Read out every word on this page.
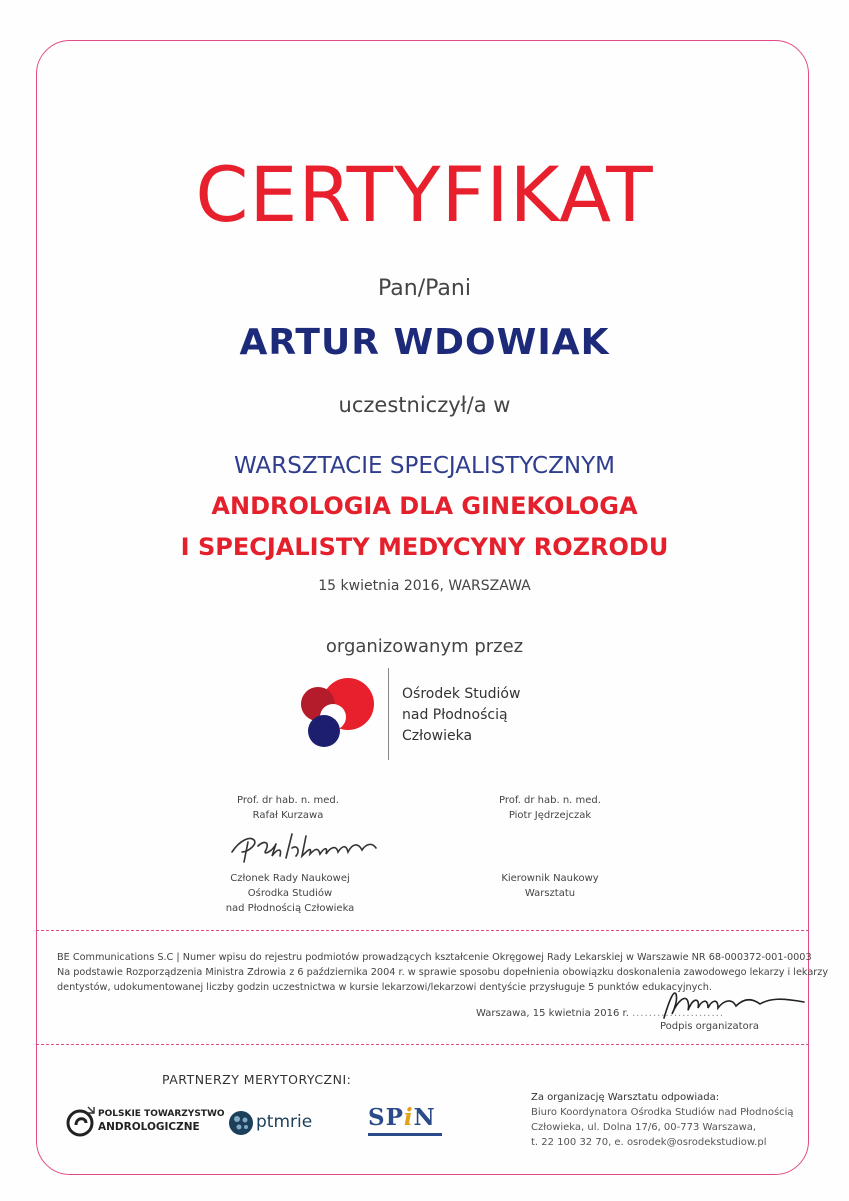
CERTYFIKAT
Pan/Pani
ARTUR WDOWIAK
uczestniczył/a w
WARSZTACIE SPECJALISTYCZNYM
ANDROLOGIA DLA GINEKOLOGA
I SPECJALISTY MEDYCYNY ROZRODU
15 kwietnia 2016, WARSZAWA
organizowanym przez
Ośrodek Studiów
nad Płodnością
Człowieka
Prof. dr hab. n. med.
Rafał Kurzawa
Członek Rady Naukowej
Ośrodka Studiów
nad Płodnością Człowieka
Prof. dr hab. n. med.
Piotr Jędrzejczak
Kierownik Naukowy
Warsztatu
BE Communications S.C | Numer wpisu do rejestru podmiotów prowadzących kształcenie Okręgowej Rady Lekarskiej w Warszawie NR 68-000372-001-0003
Na podstawie Rozporządzenia Ministra Zdrowia z 6 października 2004 r. w sprawie sposobu dopełnienia obowiązku doskonalenia zawodowego lekarzy i lekarzy
dentystów, udokumentowanej liczby godzin uczestnictwa w kursie lekarzowi/lekarzowi dentyście przysługuje 5 punktów edukacyjnych.
Warszawa, 15 kwietnia 2016 r. ......................
Podpis organizatora
PARTNERZY MERYTORYCZNI:
POLSKIE TOWARZYSTWO
ANDROLOGICZNE	ptmrie SPiN
Za organizację Warsztatu odpowiada:
Biuro Koordynatora Ośrodka Studiów nad Płodnością
Człowieka, ul. Dolna 17/6, 00-773 Warszawa,
t. 22 100 32 70, e. osrodek@osrodekstudiow.pl
